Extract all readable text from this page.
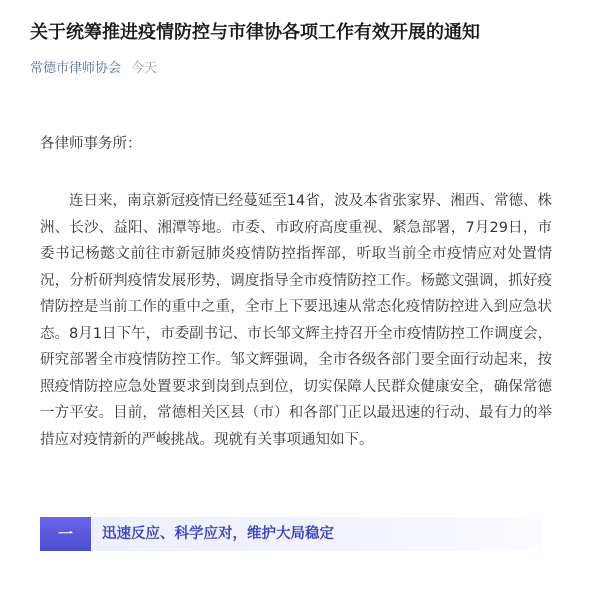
关于统筹推进疫情防控与市律协各项工作有效开展的通知
常德市律师协会 今天
各律师事务所：

连日来，南京新冠疫情已经蔓延至14省，波及本省张家界、湘西、常德、株洲、长沙、益阳、湘潭等地。市委、市政府高度重视、紧急部署，7月29日，市委书记杨懿文前往市新冠肺炎疫情防控指挥部，听取当前全市疫情应对处置情况，分析研判疫情发展形势，调度指导全市疫情防控工作。杨懿文强调，抓好疫情防控是当前工作的重中之重，全市上下要迅速从常态化疫情防控进入到应急状态。8月1日下午，市委副书记、市长邹文辉主持召开全市疫情防控工作调度会，研究部署全市疫情防控工作。邹文辉强调，全市各级各部门要全面行动起来，按照疫情防控应急处置要求到岗到点到位，切实保障人民群众健康安全，确保常德一方平安。目前，常德相关区县（市）和各部门正以最迅速的行动、最有力的举措应对疫情新的严峻挑战。现就有关事项通知如下。

一	迅速反应、科学应对，维护大局稳定
